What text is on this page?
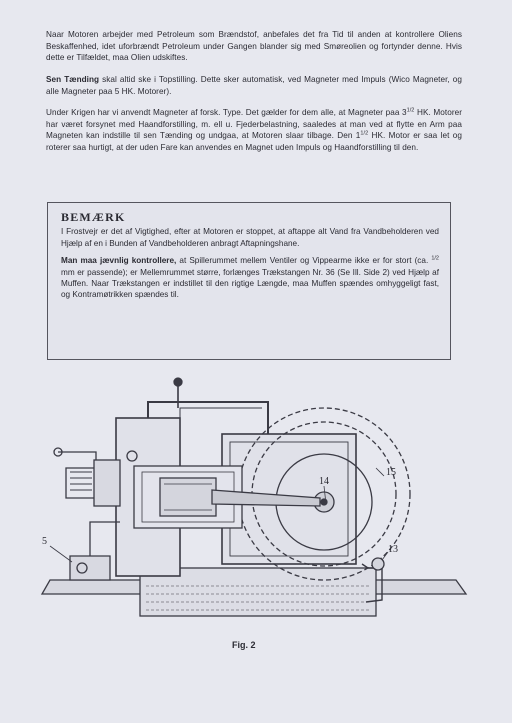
Naar Motoren arbejder med Petroleum som Brændstof, anbefales det fra Tid til anden at kontrollere Oliens Beskaffenhed, idet uforbrændt Petroleum under Gangen blander sig med Smøreolien og fortynder denne. Hvis dette er Tilfældet, maa Olien udskiftes.
Sen Tænding skal altid ske i Topstilling. Dette sker automatisk, ved Magneter med Impuls (Wico Magneter, og alle Magneter paa 5 HK. Motorer).
Under Krigen har vi anvendt Magneter af forsk. Type. Det gælder for dem alle, at Magneter paa $3^{1/2}$ HK. Motorer har været forsynet med Haandforstilling, m. ell u. Fjederbelastning, saaledes at man ved at flytte en Arm paa Magneten kan indstille til sen Tænding og undgaa, at Motoren slaar tilbage. Den $1^{1/2}$ HK. Motor er saa let og roterer saa hurtigt, at der uden Fare kan anvendes en Magnet uden Impuls og Haandforstilling til den.
BEMÆRK
I Frostvejr er det af Vigtighed, efter at Motoren er stoppet, at aftappe alt Vand fra Vandbeholderen ved Hjælp af en i Bunden af Vandbeholderen anbragt Aftapningshane.
Man maa jævnlig kontrollere, at Spillerummet mellem Ventiler og Vippearme ikke er for stort (ca. $^{1/2}$ mm er passende); er Mellemrummet større, forlænges Trækstangen Nr. 36 (Se Ill. Side 2) ved Hjælp af Muffen. Naar Trækstangen er indstillet til den rigtige Længde, maa Muffen spændes omhyggeligt fast, og Kontramøtrikken spændes til.
5
14
15
13
Fig. 2
